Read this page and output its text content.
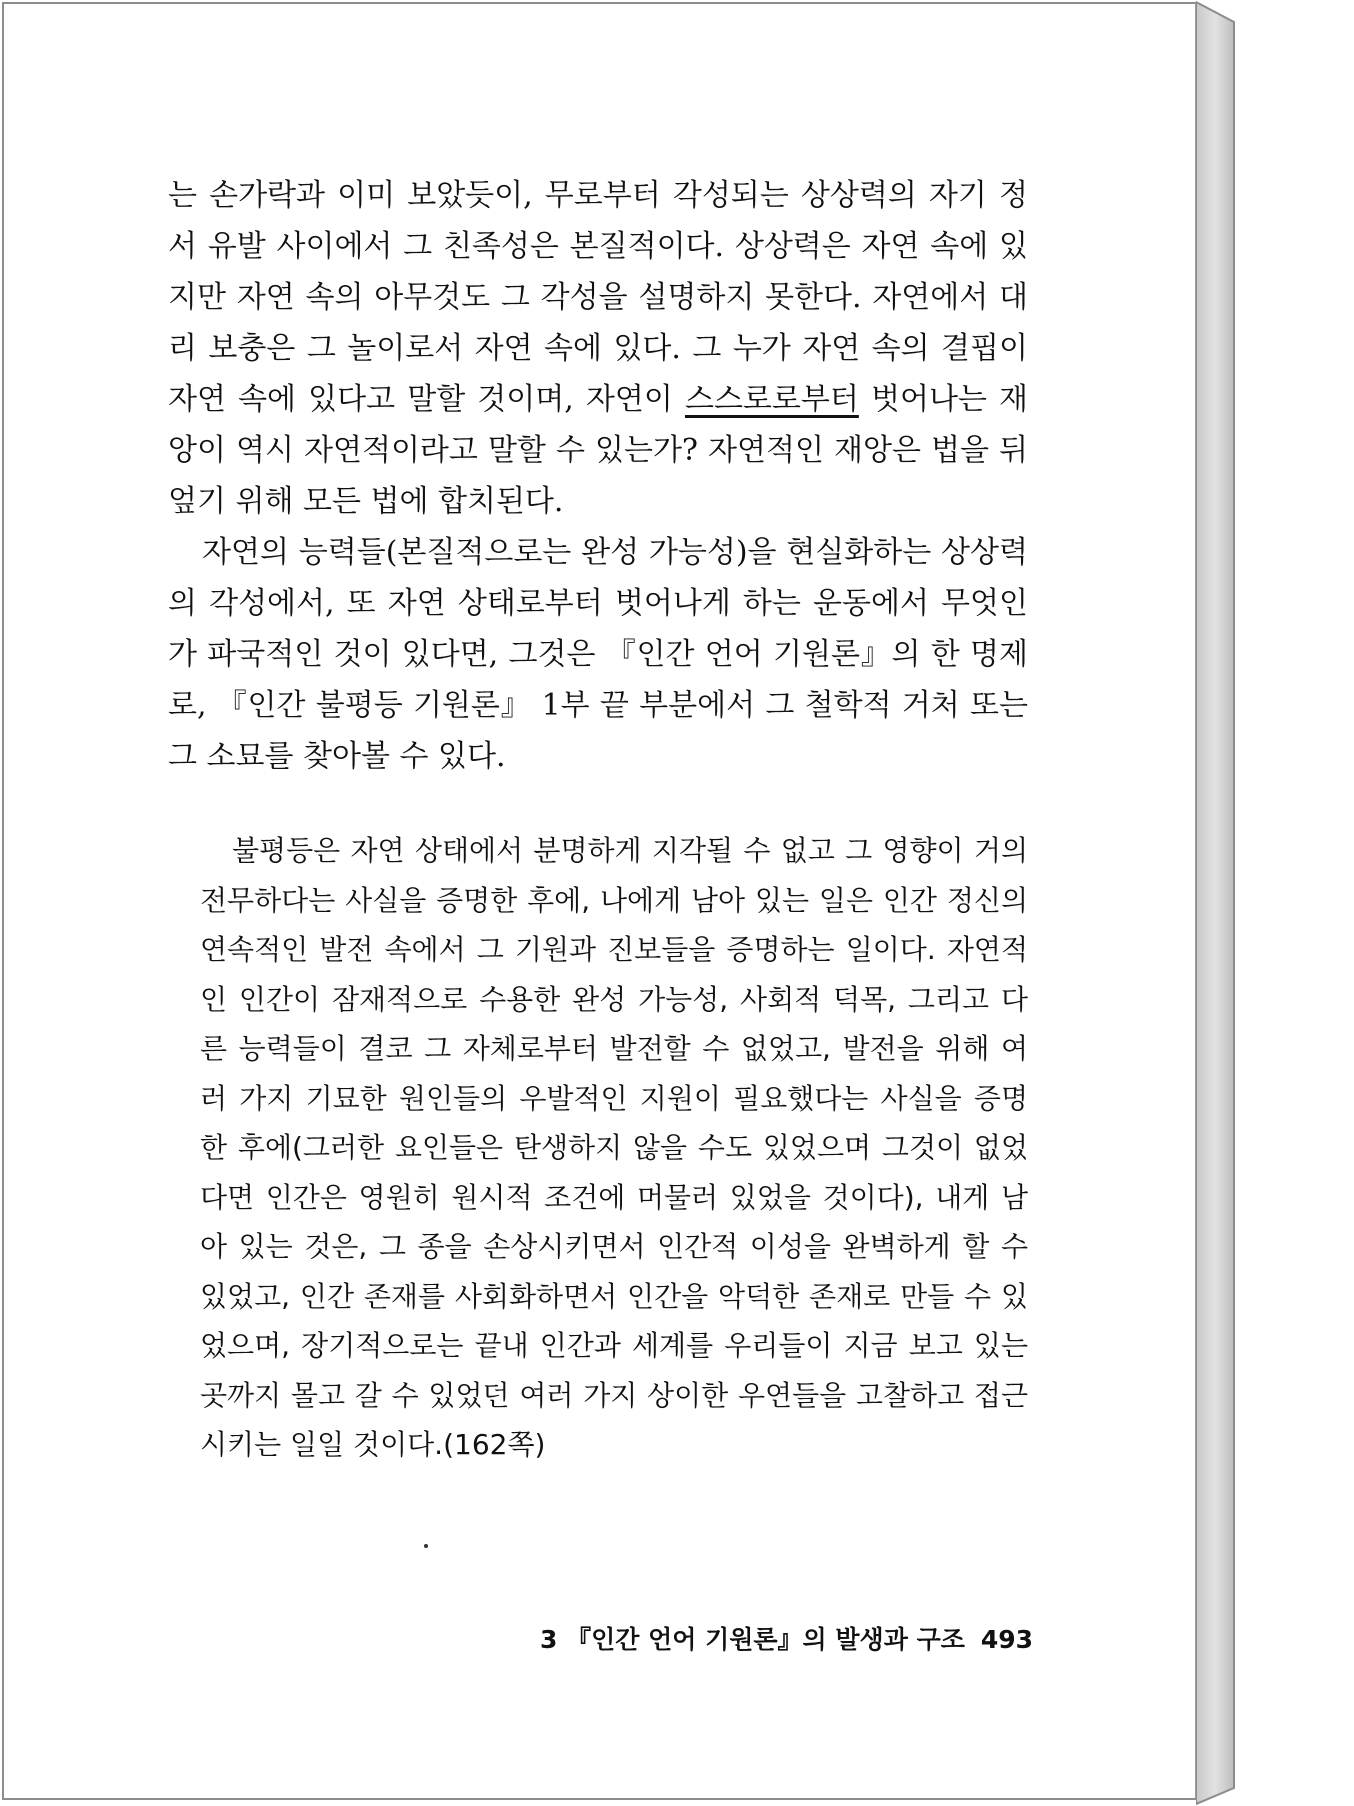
는 손가락과 이미 보았듯이, 무로부터 각성되는 상상력의 자기 정서 유발 사이에서 그 친족성은 본질적이다. 상상력은 자연 속에 있지만 자연 속의 아무것도 그 각성을 설명하지 못한다. 자연에서 대리 보충은 그 놀이로서 자연 속에 있다. 그 누가 자연 속의 결핍이 자연 속에 있다고 말할 것이며, 자연이 스스로로부터 벗어나는 재앙이 역시 자연적이라고 말할 수 있는가? 자연적인 재앙은 법을 뒤엎기 위해 모든 법에 합치된다.

자연의 능력들(본질적으로는 완성 가능성)을 현실화하는 상상력의 각성에서, 또 자연 상태로부터 벗어나게 하는 운동에서 무엇인가 파국적인 것이 있다면, 그것은 『인간 언어 기원론』의 한 명제로, 『인간 불평등 기원론』 1부 끝 부분에서 그 철학적 거처 또는 그 소묘를 찾아볼 수 있다.

불평등은 자연 상태에서 분명하게 지각될 수 없고 그 영향이 거의 전무하다는 사실을 증명한 후에, 나에게 남아 있는 일은 인간 정신의 연속적인 발전 속에서 그 기원과 진보들을 증명하는 일이다. 자연적인 인간이 잠재적으로 수용한 완성 가능성, 사회적 덕목, 그리고 다른 능력들이 결코 그 자체로부터 발전할 수 없었고, 발전을 위해 여러 가지 기묘한 원인들의 우발적인 지원이 필요했다는 사실을 증명한 후에(그러한 요인들은 탄생하지 않을 수도 있었으며 그것이 없었다면 인간은 영원히 원시적 조건에 머물러 있었을 것이다), 내게 남아 있는 것은, 그 종을 손상시키면서 인간적 이성을 완벽하게 할 수 있었고, 인간 존재를 사회화하면서 인간을 악덕한 존재로 만들 수 있었으며, 장기적으로는 끝내 인간과 세계를 우리들이 지금 보고 있는 곳까지 몰고 갈 수 있었던 여러 가지 상이한 우연들을 고찰하고 접근시키는 일일 것이다.(162쪽)

3 『인간 언어 기원론』의 발생과 구조 493
